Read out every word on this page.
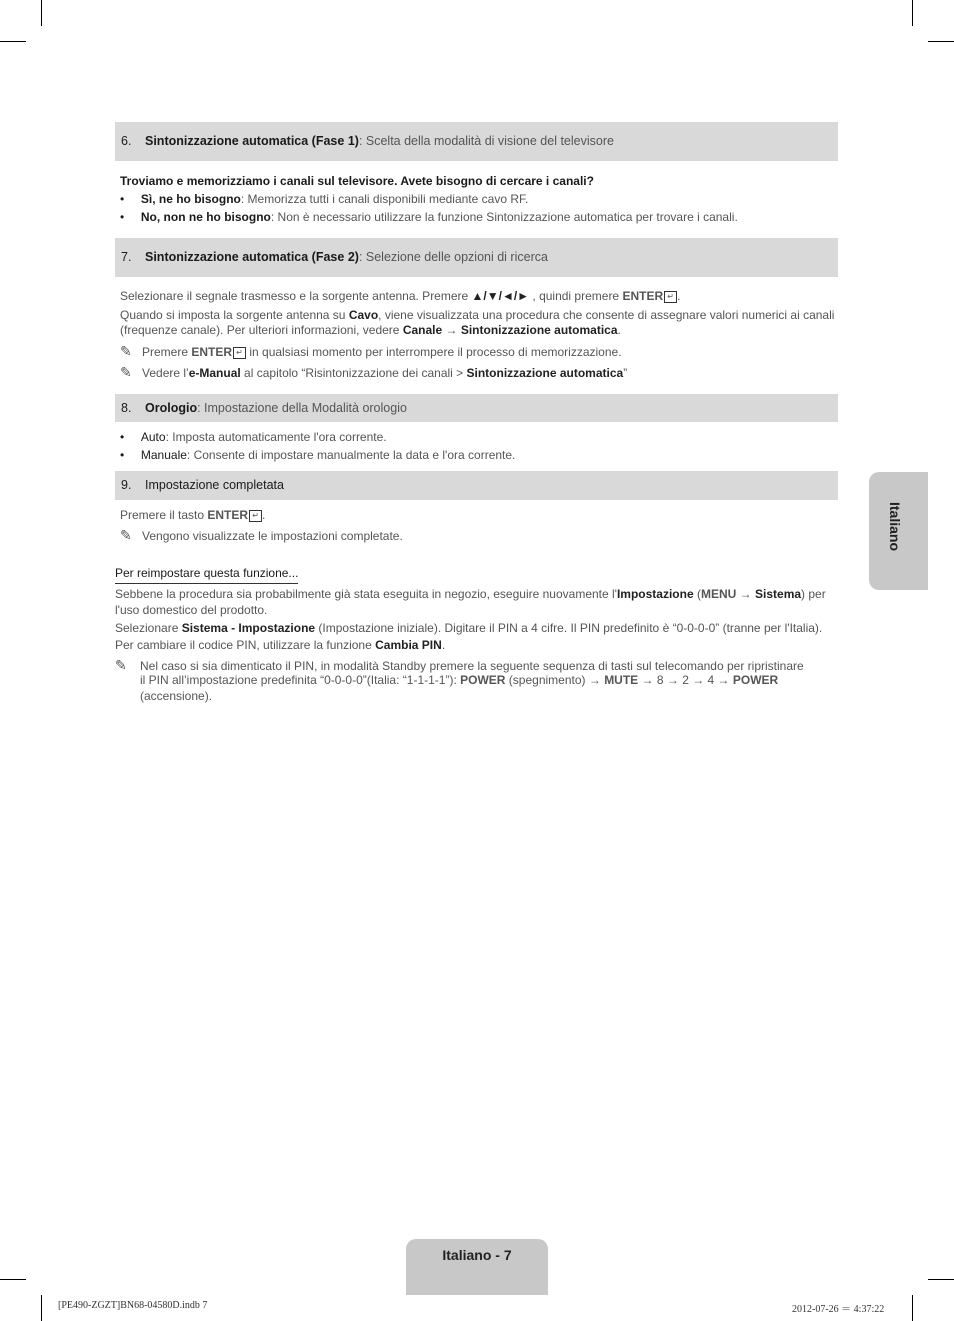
6. Sintonizzazione automatica (Fase 1): Scelta della modalità di visione del televisore
Troviamo e memorizziamo i canali sul televisore. Avete bisogno di cercare i canali?
•     Sì, ne ho bisogno: Memorizza tutti i canali disponibili mediante cavo RF.
•     No, non ne ho bisogno: Non è necessario utilizzare la funzione Sintonizzazione automatica per trovare i canali.
7. Sintonizzazione automatica (Fase 2): Selezione delle opzioni di ricerca
Selezionare il segnale trasmesso e la sorgente antenna. Premere ▲/▼/◄/► , quindi premere ENTER ↵ .
Quando si imposta la sorgente antenna su Cavo, viene visualizzata una procedura che consente di assegnare valori numerici ai canali
(frequenze canale). Per ulteriori informazioni, vedere Canale → Sintonizzazione automatica.
✎ Premere ENTER ↵ in qualsiasi momento per interrompere il processo di memorizzazione.
✎ Vedere l’e-Manual al capitolo “Risintonizzazione dei canali > Sintonizzazione automatica”
8. Orologio: Impostazione della Modalità orologio
•     Auto: Imposta automaticamente l'ora corrente.
•     Manuale: Consente di impostare manualmente la data e l'ora corrente.
9. Impostazione completata
Premere il tasto ENTER ↵ .
✎ Vengono visualizzate le impostazioni completate.
Per reimpostare questa funzione...
Sebbene la procedura sia probabilmente già stata eseguita in negozio, eseguire nuovamente l'Impostazione (MENU → Sistema) per
l'uso domestico del prodotto.
Selezionare Sistema - Impostazione (Impostazione iniziale). Digitare il PIN a 4 cifre. Il PIN predefinito è “0-0-0-0” (tranne per l'Italia).
Per cambiare il codice PIN, utilizzare la funzione Cambia PIN.
✎ Nel caso si sia dimenticato il PIN, in modalità Standby premere la seguente sequenza di tasti sul telecomando per ripristinare
il PIN all’impostazione predefinita “0-0-0-0”(Italia: “1-1-1-1”): POWER (spegnimento) → MUTE → 8 → 2 → 4 → POWER
(accensione).
Italiano
Italiano - 7
[PE490-ZGZT]BN68-04580D.indb 7	2012-07-26 ＝ 4:37:22
